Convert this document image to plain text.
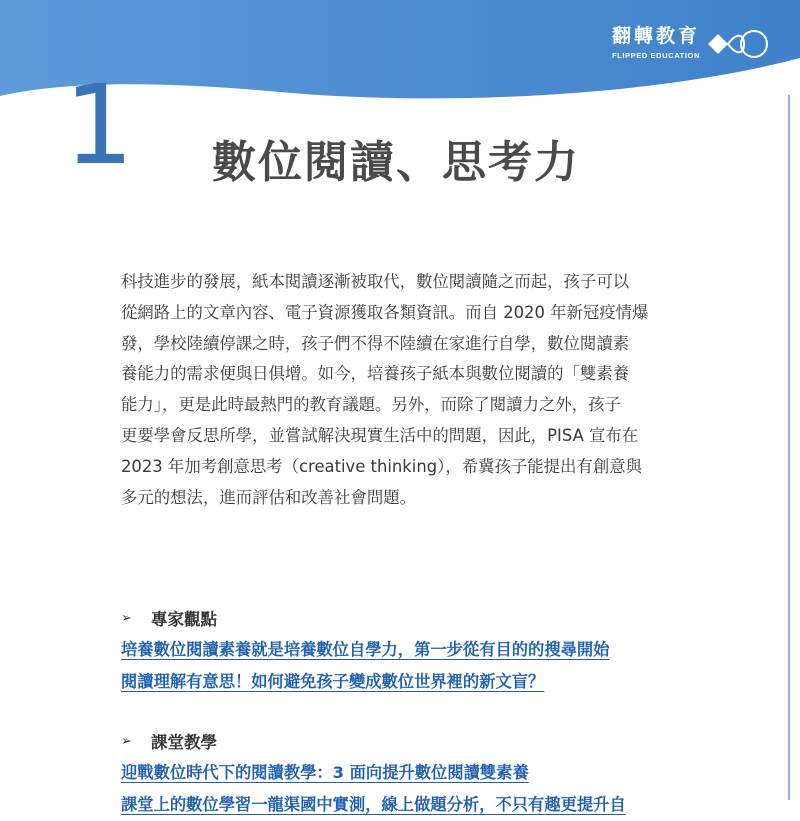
翻轉教育
FLIPPED EDUCATION
1 數位閱讀、思考力
科技進步的發展，紙本閱讀逐漸被取代，數位閱讀隨之而起，孩子可以
從網路上的文章內容、電子資源獲取各類資訊。而自 2020 年新冠疫情爆
發，學校陸續停課之時，孩子們不得不陸續在家進行自學，數位閱讀素
養能力的需求便與日俱增。如今，培養孩子紙本與數位閱讀的「雙素養
能力」，更是此時最熱門的教育議題。另外，而除了閱讀力之外，孩子
更要學會反思所學，並嘗試解決現實生活中的問題，因此，PISA 宣布在
2023 年加考創意思考（creative thinking），希冀孩子能提出有創意與
多元的想法，進而評估和改善社會問題。
➢	專家觀點
培養數位閱讀素養就是培養數位自學力，第一步從有目的的搜尋開始
閱讀理解有意思！如何避免孩子變成數位世界裡的新文盲？
➢	課堂教學
迎戰數位時代下的閱讀教學：3 面向提升數位閱讀雙素養
課堂上的數位學習一龍渠國中實測，線上做題分析，不只有趣更提升自
